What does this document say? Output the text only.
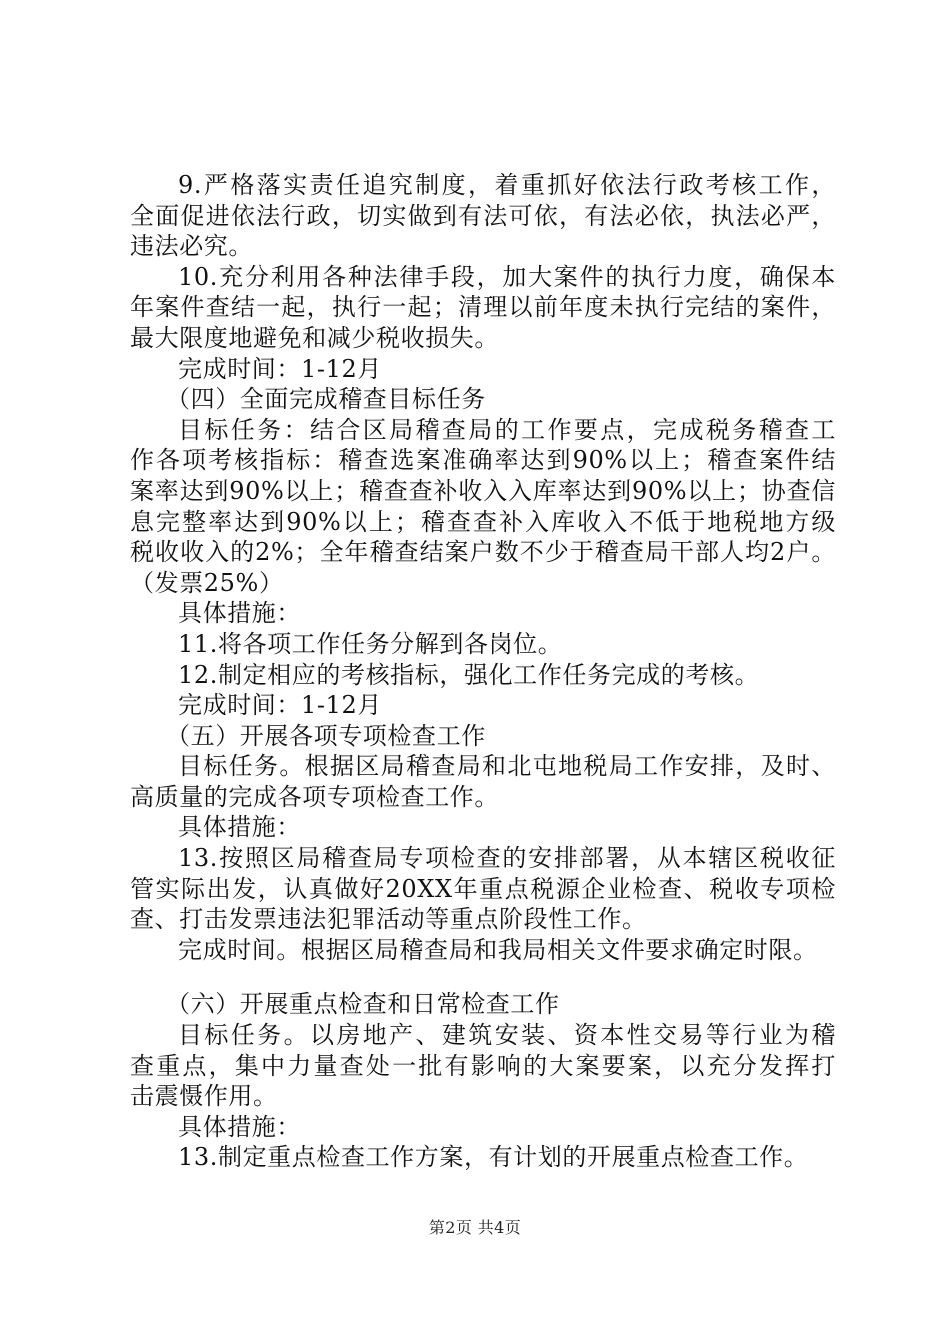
9.严格落实责任追究制度，着重抓好依法行政考核工作，
全面促进依法行政，切实做到有法可依，有法必依，执法必严，
违法必究。
10.充分利用各种法律手段，加大案件的执行力度，确保本
年案件查结一起，执行一起；清理以前年度未执行完结的案件，
最大限度地避免和减少税收损失。
完成时间：1-12月
（四）全面完成稽查目标任务
目标任务：结合区局稽查局的工作要点，完成税务稽查工
作各项考核指标：稽查选案准确率达到90%以上；稽查案件结
案率达到90%以上；稽查查补收入入库率达到90%以上；协查信
息完整率达到90%以上；稽查查补入库收入不低于地税地方级
税收收入的2%；全年稽查结案户数不少于稽查局干部人均2户。
（发票25%）
具体措施：
11.将各项工作任务分解到各岗位。
12.制定相应的考核指标，强化工作任务完成的考核。
完成时间：1-12月
（五）开展各项专项检查工作
目标任务。根据区局稽查局和北屯地税局工作安排，及时、
高质量的完成各项专项检查工作。
具体措施：
13.按照区局稽查局专项检查的安排部署，从本辖区税收征
管实际出发，认真做好20XX年重点税源企业检查、税收专项检
查、打击发票违法犯罪活动等重点阶段性工作。
完成时间。根据区局稽查局和我局相关文件要求确定时限。
（六）开展重点检查和日常检查工作
目标任务。以房地产、建筑安装、资本性交易等行业为稽
查重点，集中力量查处一批有影响的大案要案，以充分发挥打
击震慑作用。
具体措施：
13.制定重点检查工作方案，有计划的开展重点检查工作。
第2页 共4页
